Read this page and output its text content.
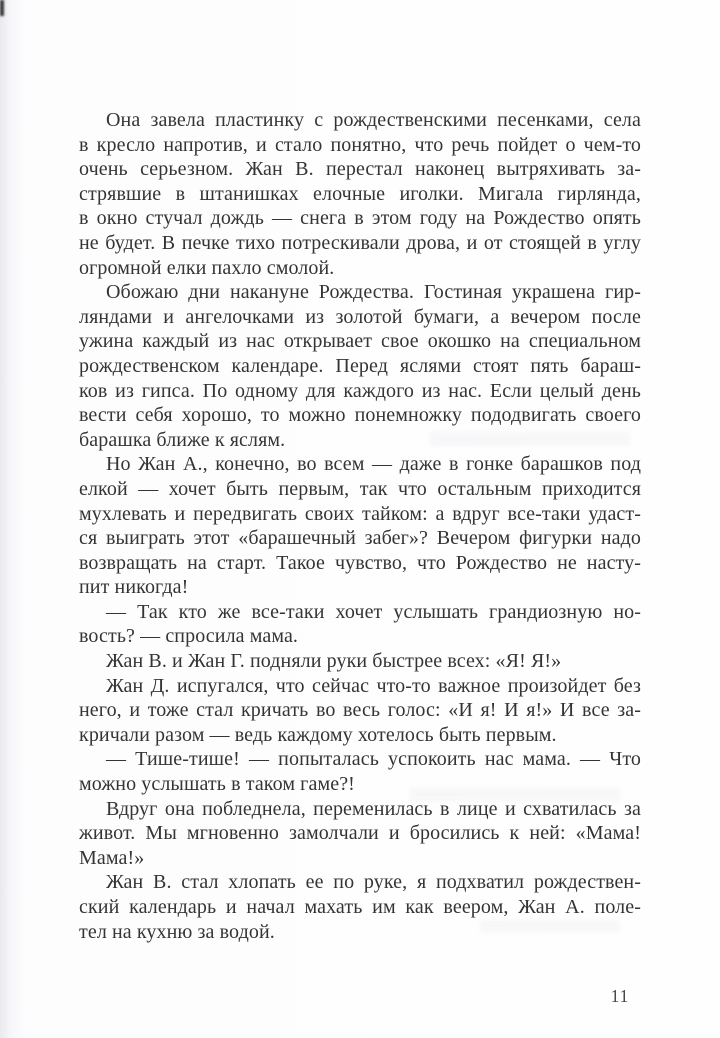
Она завела пластинку с рождественскими песенками, села
в кресло напротив, и стало понятно, что речь пойдет о чем-то
очень серьезном. Жан В. перестал наконец вытряхивать за-
стрявшие в штанишках елочные иголки. Мигала гирлянда,
в окно стучал дождь — снега в этом году на Рождество опять
не будет. В печке тихо потрескивали дрова, и от стоящей в углу
огромной елки пахло смолой.
Обожаю дни накануне Рождества. Гостиная украшена гир-
ляндами и ангелочками из золотой бумаги, а вечером после
ужина каждый из нас открывает свое окошко на специальном
рождественском календаре. Перед яслями стоят пять бараш-
ков из гипса. По одному для каждого из нас. Если целый день
вести себя хорошо, то можно понемножку пододвигать своего
барашка ближе к яслям.
Но Жан А., конечно, во всем — даже в гонке барашков под
елкой — хочет быть первым, так что остальным приходится
мухлевать и передвигать своих тайком: а вдруг все-таки удаст-
ся выиграть этот «барашечный забег»? Вечером фигурки надо
возвращать на старт. Такое чувство, что Рождество не насту-
пит никогда!
— Так кто же все-таки хочет услышать грандиозную но-
вость? — спросила мама.
Жан В. и Жан Г. подняли руки быстрее всех: «Я! Я!»
Жан Д. испугался, что сейчас что-то важное произойдет без
него, и тоже стал кричать во весь голос: «И я! И я!» И все за-
кричали разом — ведь каждому хотелось быть первым.
— Тише-тише! — попыталась успокоить нас мама. — Что
можно услышать в таком гаме?!
Вдруг она побледнела, переменилась в лице и схватилась за
живот. Мы мгновенно замолчали и бросились к ней: «Мама!
Мама!»
Жан В. стал хлопать ее по руке, я подхватил рождествен-
ский календарь и начал махать им как веером, Жан А. поле-
тел на кухню за водой.
11
